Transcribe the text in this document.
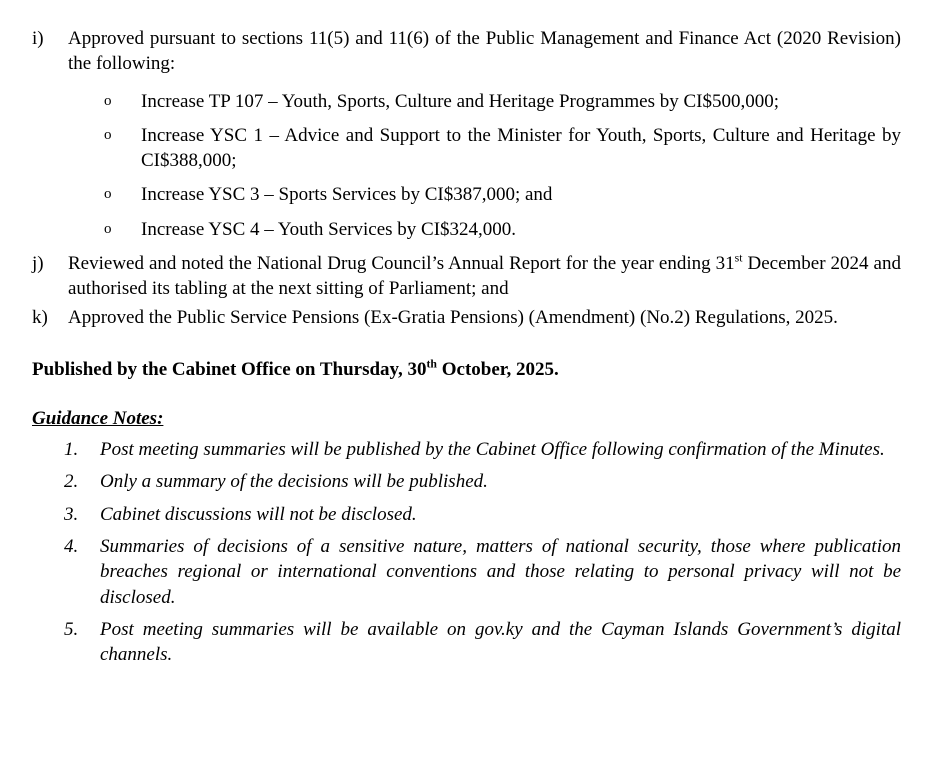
i)	Approved pursuant to sections 11(5) and 11(6) of the Public Management and Finance Act (2020 Revision) the following:
o	Increase TP 107 – Youth, Sports, Culture and Heritage Programmes by CI$500,000;
o	Increase YSC 1 – Advice and Support to the Minister for Youth, Sports, Culture and Heritage by CI$388,000;
o	Increase YSC 3 – Sports Services by CI$387,000; and
o	Increase YSC 4 – Youth Services by CI$324,000.
j)	Reviewed and noted the National Drug Council’s Annual Report for the year ending 31st December 2024 and authorised its tabling at the next sitting of Parliament; and
k)	Approved the Public Service Pensions (Ex-Gratia Pensions) (Amendment) (No.2) Regulations, 2025.
Published by the Cabinet Office on Thursday, 30th October, 2025.
Guidance Notes:
1.	Post meeting summaries will be published by the Cabinet Office following confirmation of the Minutes.
2.	Only a summary of the decisions will be published.
3.	Cabinet discussions will not be disclosed.
4.	Summaries of decisions of a sensitive nature, matters of national security, those where publication breaches regional or international conventions and those relating to personal privacy will not be disclosed.
5.	Post meeting summaries will be available on gov.ky and the Cayman Islands Government’s digital channels.
